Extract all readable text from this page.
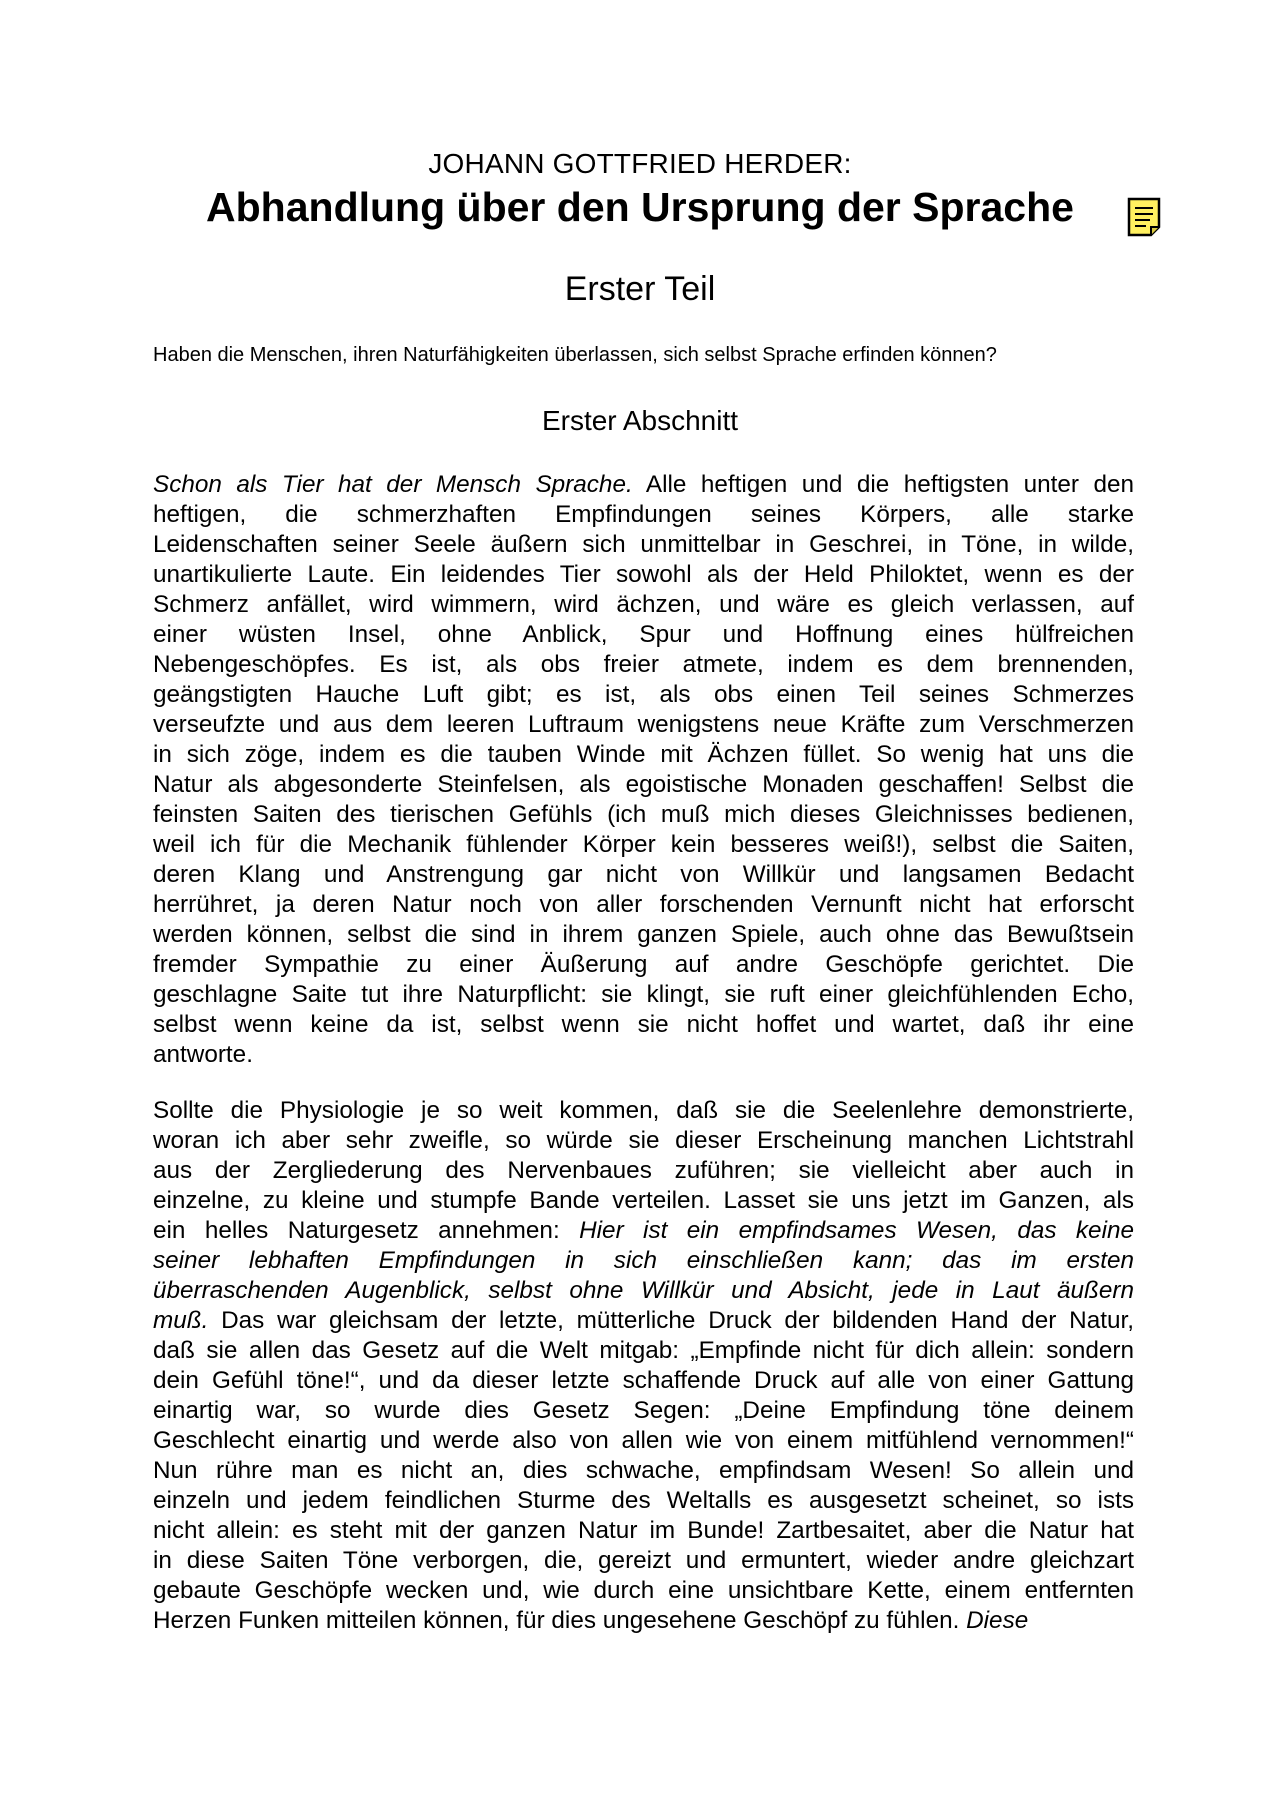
JOHANN GOTTFRIED HERDER:
Abhandlung über den Ursprung der Sprache
Erster Teil
Haben die Menschen, ihren Naturfähigkeiten überlassen, sich selbst Sprache erfinden können?
Erster Abschnitt
Schon als Tier hat der Mensch Sprache. Alle heftigen und die heftigsten unter den
heftigen, die schmerzhaften Empfindungen seines Körpers, alle starke
Leidenschaften seiner Seele äußern sich unmittelbar in Geschrei, in Töne, in wilde,
unartikulierte Laute. Ein leidendes Tier sowohl als der Held Philoktet, wenn es der
Schmerz anfället, wird wimmern, wird ächzen, und wäre es gleich verlassen, auf
einer wüsten Insel, ohne Anblick, Spur und Hoffnung eines hülfreichen
Nebengeschöpfes. Es ist, als obs freier atmete, indem es dem brennenden,
geängstigten Hauche Luft gibt; es ist, als obs einen Teil seines Schmerzes
verseufzte und aus dem leeren Luftraum wenigstens neue Kräfte zum Verschmerzen
in sich zöge, indem es die tauben Winde mit Ächzen füllet. So wenig hat uns die
Natur als abgesonderte Steinfelsen, als egoistische Monaden geschaffen! Selbst die
feinsten Saiten des tierischen Gefühls (ich muß mich dieses Gleichnisses bedienen,
weil ich für die Mechanik fühlender Körper kein besseres weiß!), selbst die Saiten,
deren Klang und Anstrengung gar nicht von Willkür und langsamen Bedacht
herrühret, ja deren Natur noch von aller forschenden Vernunft nicht hat erforscht
werden können, selbst die sind in ihrem ganzen Spiele, auch ohne das Bewußtsein
fremder Sympathie zu einer Äußerung auf andre Geschöpfe gerichtet. Die
geschlagne Saite tut ihre Naturpflicht: sie klingt, sie ruft einer gleichfühlenden Echo,
selbst wenn keine da ist, selbst wenn sie nicht hoffet und wartet, daß ihr eine
antworte.
Sollte die Physiologie je so weit kommen, daß sie die Seelenlehre demonstrierte,
woran ich aber sehr zweifle, so würde sie dieser Erscheinung manchen Lichtstrahl
aus der Zergliederung des Nervenbaues zuführen; sie vielleicht aber auch in
einzelne, zu kleine und stumpfe Bande verteilen. Lasset sie uns jetzt im Ganzen, als
ein helles Naturgesetz annehmen: Hier ist ein empfindsames Wesen, das keine
seiner lebhaften Empfindungen in sich einschließen kann; das im ersten
überraschenden Augenblick, selbst ohne Willkür und Absicht, jede in Laut äußern
muß. Das war gleichsam der letzte, mütterliche Druck der bildenden Hand der Natur,
daß sie allen das Gesetz auf die Welt mitgab: „Empfinde nicht für dich allein: sondern
dein Gefühl töne!“, und da dieser letzte schaffende Druck auf alle von einer Gattung
einartig war, so wurde dies Gesetz Segen: „Deine Empfindung töne deinem
Geschlecht einartig und werde also von allen wie von einem mitfühlend vernommen!“
Nun rühre man es nicht an, dies schwache, empfindsam Wesen! So allein und
einzeln und jedem feindlichen Sturme des Weltalls es ausgesetzt scheinet, so ists
nicht allein: es steht mit der ganzen Natur im Bunde! Zartbesaitet, aber die Natur hat
in diese Saiten Töne verborgen, die, gereizt und ermuntert, wieder andre gleichzart
gebaute Geschöpfe wecken und, wie durch eine unsichtbare Kette, einem entfernten
Herzen Funken mitteilen können, für dies ungesehene Geschöpf zu fühlen. Diese
